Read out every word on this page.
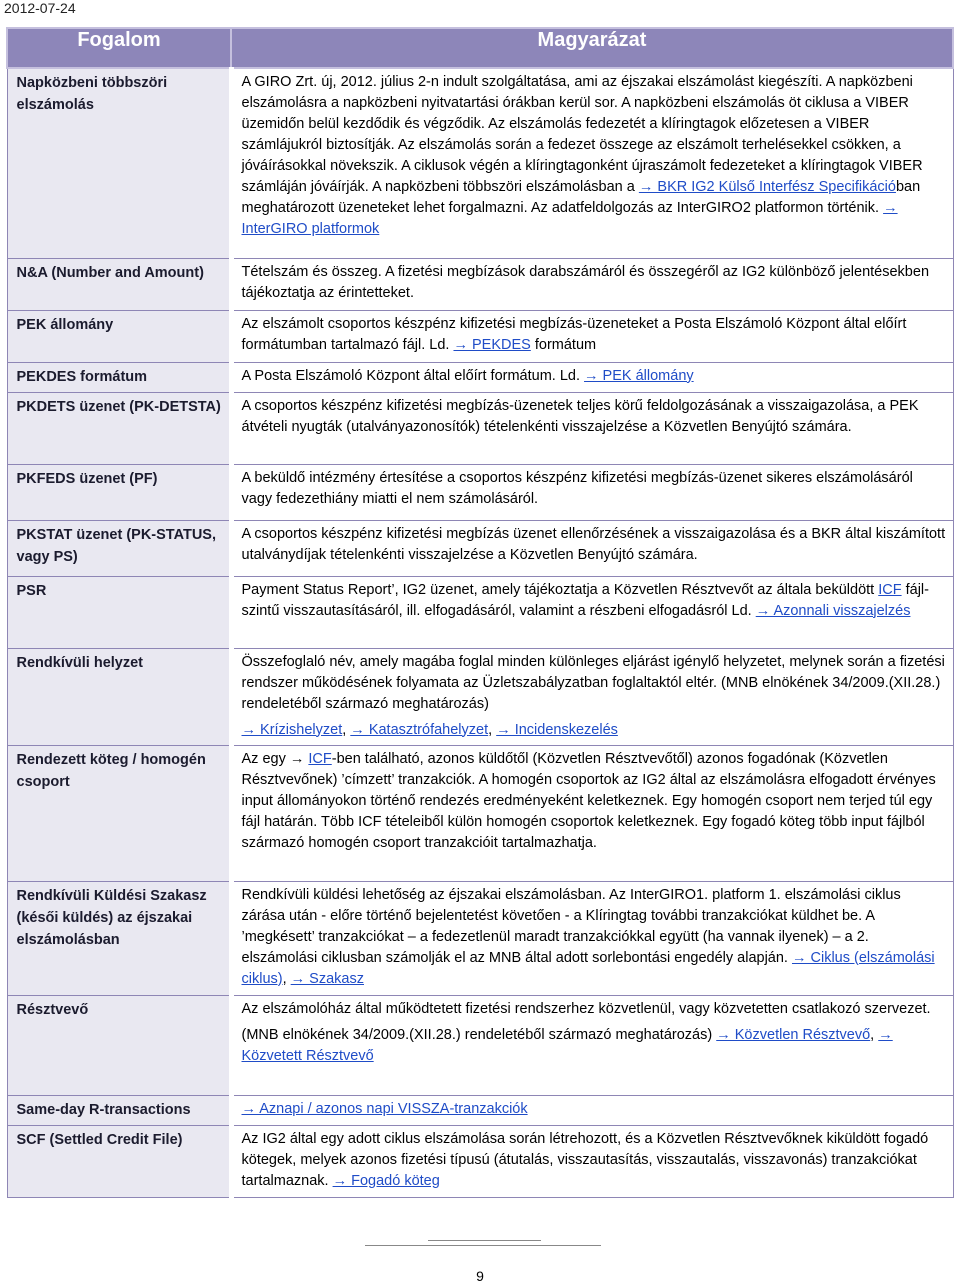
2012-07-24
Fogalom	Magyarázat
Napközbeni többszöri elszámolás	A GIRO Zrt. új, 2012. július 2-n indult szolgáltatása, ami az éjszakai elszámolást kiegészíti. A napközbeni elszámolásra a napközbeni nyitvatartási órákban kerül sor. A napközbeni elszámolás öt ciklusa a VIBER üzemidőn belül kezdődik és végződik. Az elszámolás fedezetét a klíringtagok előzetesen a VIBER számlájukról biztosítják. Az elszámolás során a fedezet összege az elszámolt terhelésekkel csökken, a jóváírásokkal növekszik. A ciklusok végén a klíringtagonként újraszámolt fedezeteket a klíringtagok VIBER számláján jóváírják. A napközbeni többszöri elszámolásban a → BKR IG2 Külső Interfész Specifikációban meghatározott üzeneteket lehet forgalmazni. Az adatfeldolgozás az InterGIRO2 platformon történik. → InterGIRO platformok

N&A (Number and Amount)	Tételszám és összeg. A fizetési megbízások darabszámáról és összegéről az IG2 különböző jelentésekben tájékoztatja az érintetteket.

PEK állomány	Az elszámolt csoportos készpénz kifizetési megbízás-üzeneteket a Posta Elszámoló Központ által előírt formátumban tartalmazó fájl. Ld. → PEKDES formátum

PEKDES formátum	A Posta Elszámoló Központ által előírt formátum. Ld. → PEK állomány

PKDETS üzenet (PK-DETSTA)	A csoportos készpénz kifizetési megbízás-üzenetek teljes körű feldolgozásának a visszaigazolása, a PEK átvételi nyugták (utalványazonosítók) tételenkénti visszajelzése a Közvetlen Benyújtó számára.

PKFEDS üzenet (PF)	A beküldő intézmény értesítése a csoportos készpénz kifizetési megbízás-üzenet sikeres elszámolásáról vagy fedezethiány miatti el nem számolásáról.

PKSTAT üzenet (PK-STATUS, vagy PS)	A csoportos készpénz kifizetési megbízás üzenet ellenőrzésének a visszaigazolása és a BKR által kiszámított utalványdíjak tételenkénti visszajelzése a Közvetlen Benyújtó számára.

PSR	Payment Status Report’, IG2 üzenet, amely tájékoztatja a Közvetlen Résztvevőt az általa beküldött ICF fájl-szintű visszautasításáról, ill. elfogadásáról, valamint a részbeni elfogadásról Ld. → Azonnali visszajelzés

Rendkívüli helyzet	Összefoglaló név, amely magába foglal minden különleges eljárást igénylő helyzetet, melynek során a fizetési rendszer működésének folyamata az Üzletszabályzatban foglaltaktól eltér. (MNB elnökének 34/2009.(XII.28.) rendeletéből származó meghatározás)

→ Krízishelyzet, → Katasztrófahelyzet, → Incidenskezelés

Rendezett köteg / homogén csoport	Az egy → ICF-ben található, azonos küldőtől (Közvetlen Résztvevőtől) azonos fogadónak (Közvetlen Résztvevőnek) ’címzett’ tranzakciók. A homogén csoportok az IG2 által az elszámolásra elfogadott érvényes input állományokon történő rendezés eredményeként keletkeznek. Egy homogén csoport nem terjed túl egy fájl határán. Több ICF tételeiből külön homogén csoportok keletkeznek. Egy fogadó köteg több input fájlból származó homogén csoport tranzakcióit tartalmazhatja.

Rendkívüli Küldési Szakasz (késői küldés) az éjszakai elszámolásban	Rendkívüli küldési lehetőség az éjszakai elszámolásban. Az InterGIRO1. platform 1. elszámolási ciklus zárása után - előre történő bejelentetést követően - a Klíringtag további tranzakciókat küldhet be. A ’megkésett’ tranzakciókat – a fedezetlenül maradt tranzakciókkal együtt (ha vannak ilyenek) – a 2. elszámolási ciklusban számolják el az MNB által adott sorlebontási engedély alapján. → Ciklus (elszámolási ciklus), → Szakasz

Résztvevő	Az elszámolóház által működtetett fizetési rendszerhez közvetlenül, vagy közvetetten csatlakozó szervezet.

(MNB elnökének 34/2009.(XII.28.) rendeletéből származó meghatározás) → Közvetlen Résztvevő, → Közvetett Résztvevő

Same-day R-transactions	→ Aznapi / azonos napi VISSZA-tranzakciók

SCF (Settled Credit File)	Az IG2 által egy adott ciklus elszámolása során létrehozott, és a Közvetlen Résztvevőknek kiküldött fogadó kötegek, melyek azonos fizetési típusú (átutalás, visszautasítás, visszautalás, visszavonás) tranzakciókat tartalmaznak. → Fogadó köteg

9
